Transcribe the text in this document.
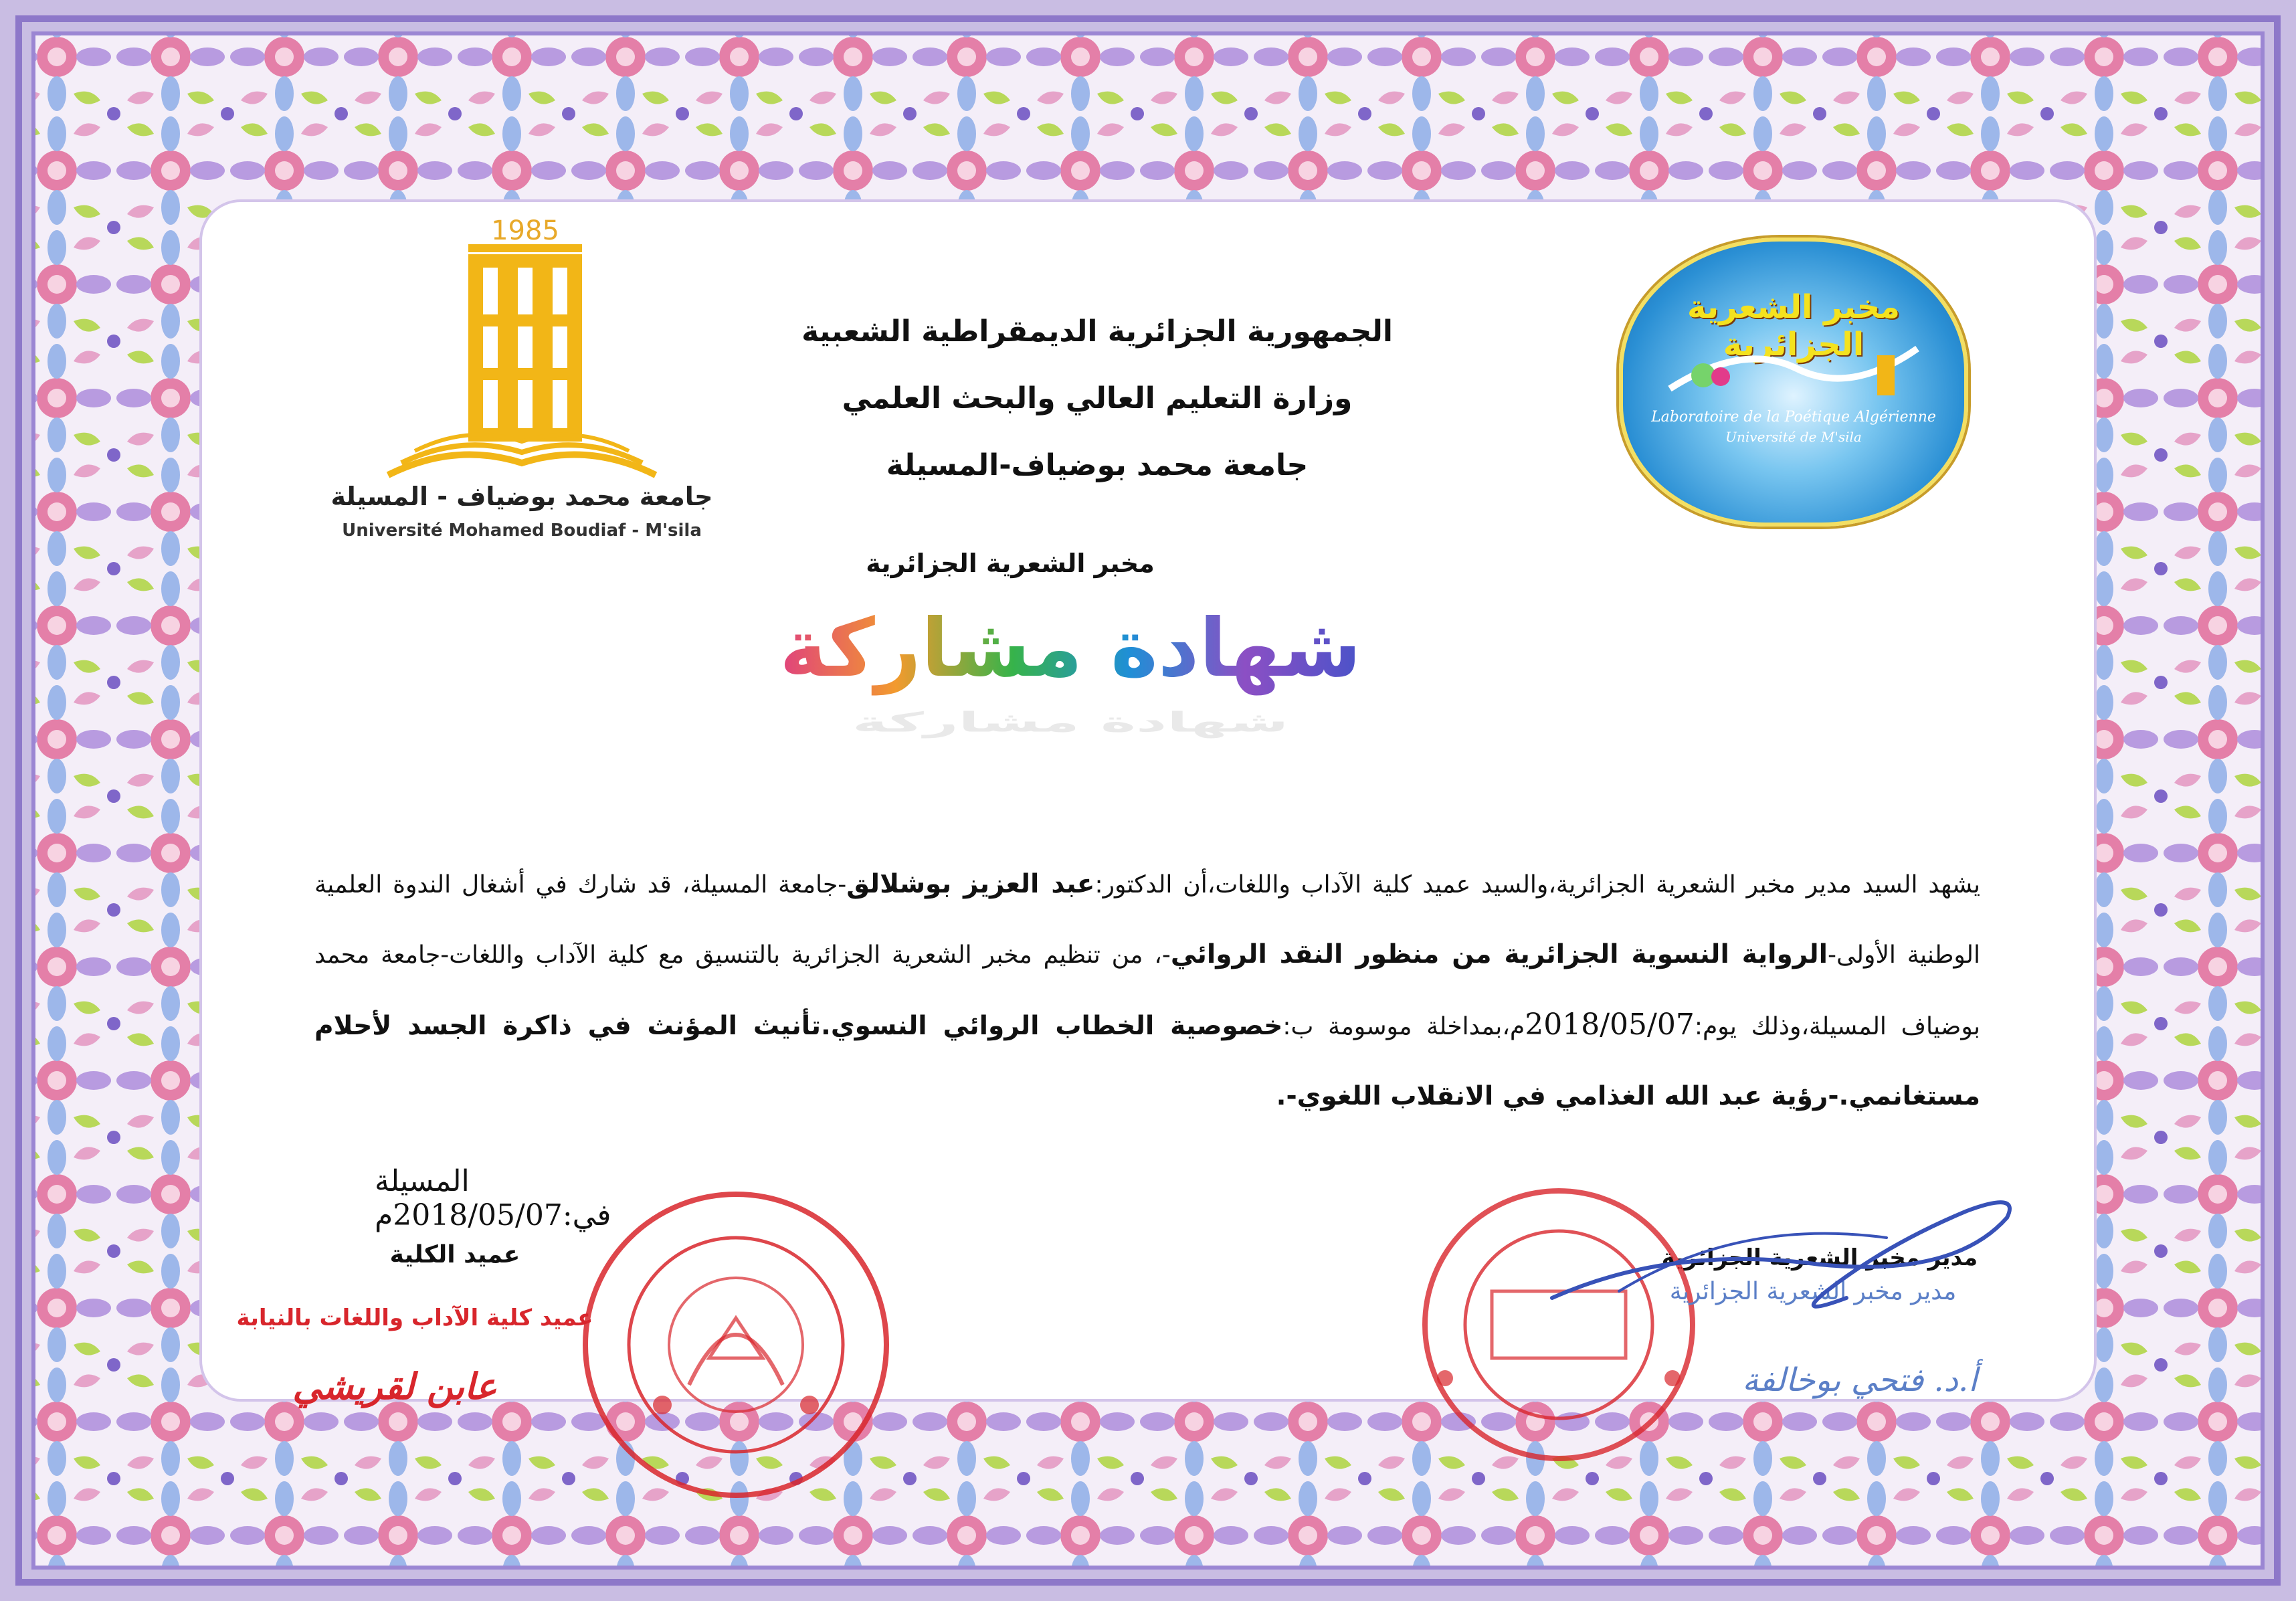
1985
جامعة محمد بوضياف - المسيلة
Université Mohamed Boudiaf - M'sila
الجمهورية الجزائرية الديمقراطية الشعبية
وزارة التعليم العالي والبحث العلمي
جامعة محمد بوضياف-المسيلة
مخبر الشعرية الجزائرية
Laboratoire de la Poétique Algérienne
Université de M'sila
مخبر الشعرية الجزائرية
شهادة مشاركة
شهادة مشاركة
يشهد السيد مدير مخبر الشعرية الجزائرية،والسيد عميد كلية الآداب واللغات،أن الدكتور:عبد العزيز بوشلالق-جامعة المسيلة، قد شارك في أشغال الندوة العلمية الوطنية الأولى-الرواية النسوية الجزائرية من منظور النقد الروائي-، من تنظيم مخبر الشعرية الجزائرية بالتنسيق مع كلية الآداب واللغات-جامعة محمد بوضياف المسيلة،وذلك يوم:2018/05/07م،بمداخلة موسومة ب:خصوصية الخطاب الروائي النسوي.تأنيث المؤنث في ذاكرة الجسد لأحلام مستغانمي.-رؤية عبد الله الغذامي في الانقلاب اللغوي-.
المسيلة في:2018/05/07م
عميد الكلية	مدير مخبر الشعرية الجزائرية
عميد كلية الآداب واللغات بالنيابة
عابن لقريشي
مدير مخبر الشعرية الجزائرية
أ.د. فتحي بوخالفة
